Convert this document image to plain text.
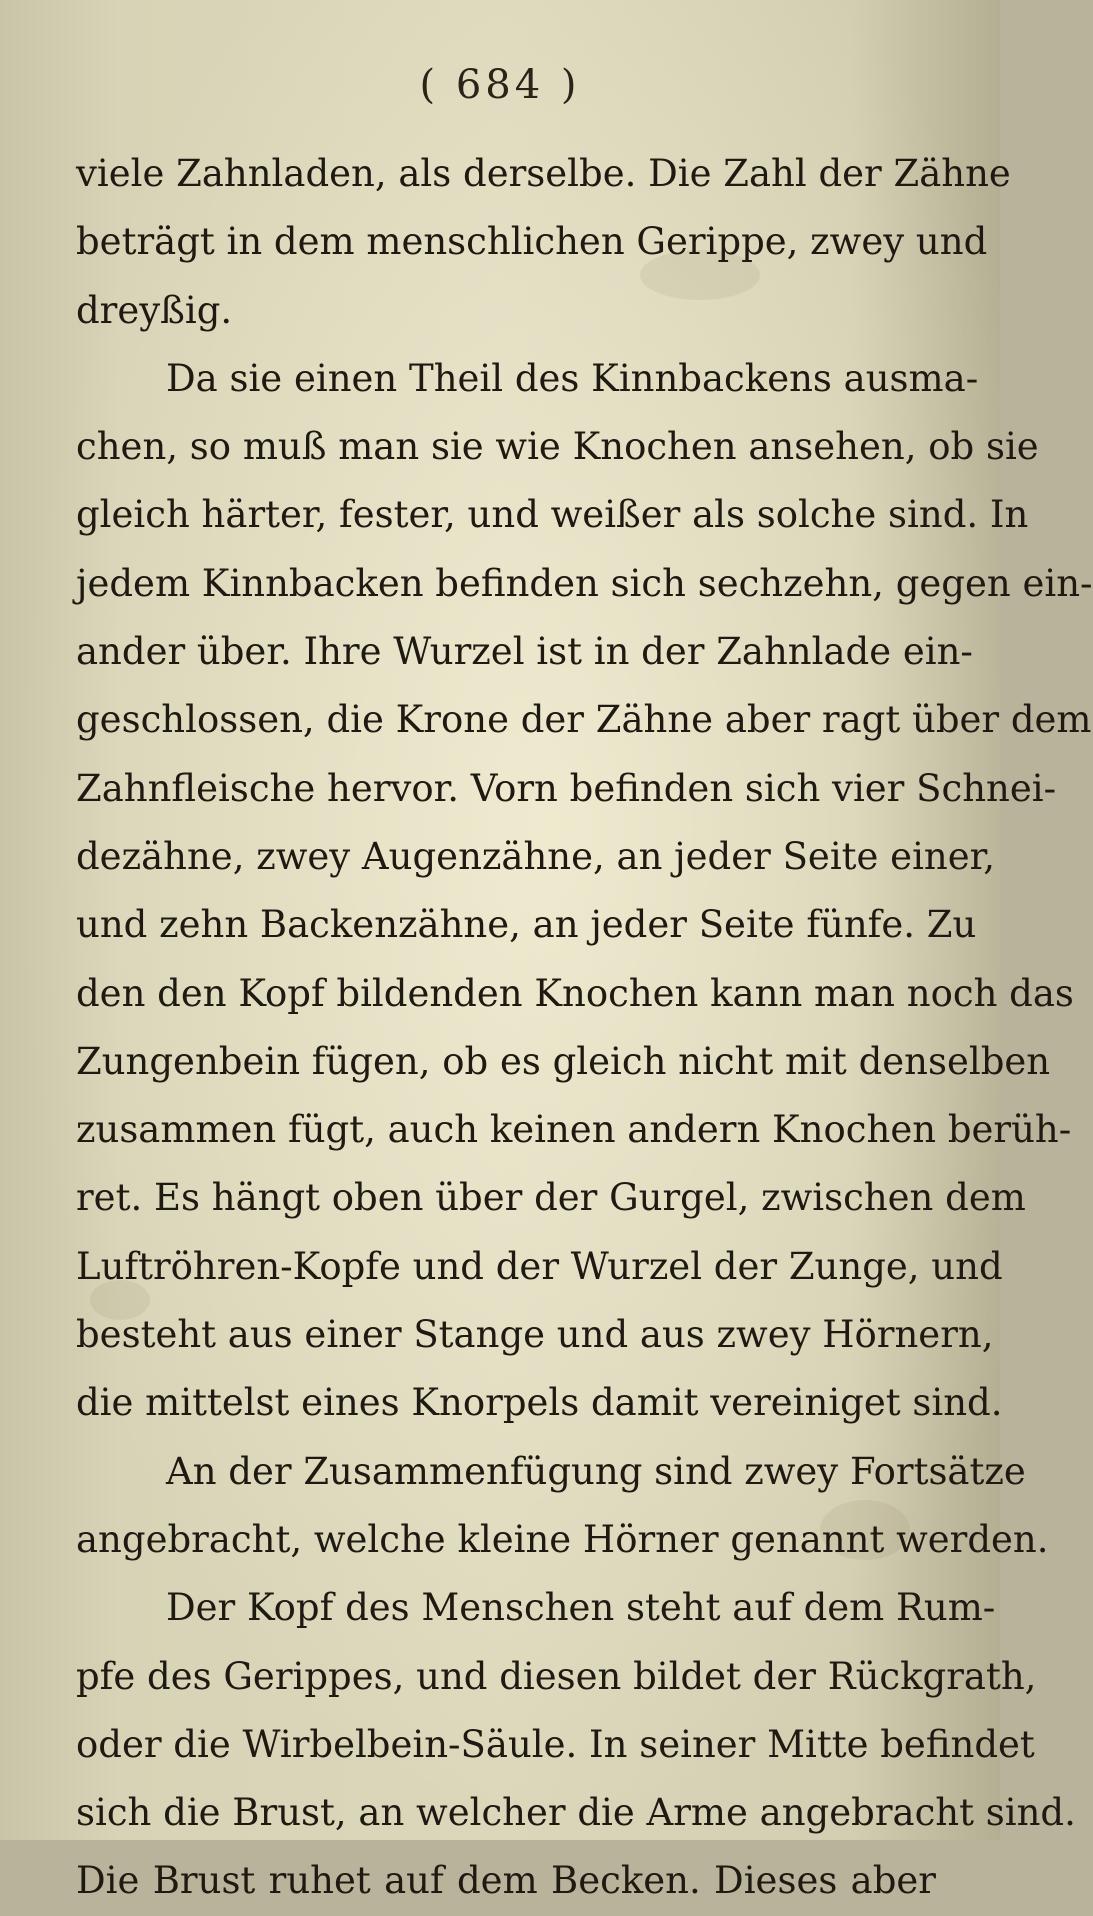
( 684 )
viele Zahnladen, als derselbe. Die Zahl der Zähne
beträgt in dem menschlichen Gerippe, zwey und
dreyßig.
Da sie einen Theil des Kinnbackens ausma-
chen, so muß man sie wie Knochen ansehen, ob sie
gleich härter, fester, und weißer als solche sind. In
jedem Kinnbacken befinden sich sechzehn, gegen ein-
ander über. Ihre Wurzel ist in der Zahnlade ein-
geschlossen, die Krone der Zähne aber ragt über dem
Zahnfleische hervor. Vorn befinden sich vier Schnei-
dezähne, zwey Augenzähne, an jeder Seite einer,
und zehn Backenzähne, an jeder Seite fünfe. Zu
den den Kopf bildenden Knochen kann man noch das
Zungenbein fügen, ob es gleich nicht mit denselben
zusammen fügt, auch keinen andern Knochen berüh-
ret. Es hängt oben über der Gurgel, zwischen dem
Luftröhren-Kopfe und der Wurzel der Zunge, und
besteht aus einer Stange und aus zwey Hörnern,
die mittelst eines Knorpels damit vereiniget sind.
An der Zusammenfügung sind zwey Fortsätze
angebracht, welche kleine Hörner genannt werden.
Der Kopf des Menschen steht auf dem Rum-
pfe des Gerippes, und diesen bildet der Rückgrath,
oder die Wirbelbein-Säule. In seiner Mitte befindet
sich die Brust, an welcher die Arme angebracht sind.
Die Brust ruhet auf dem Becken. Dieses aber
